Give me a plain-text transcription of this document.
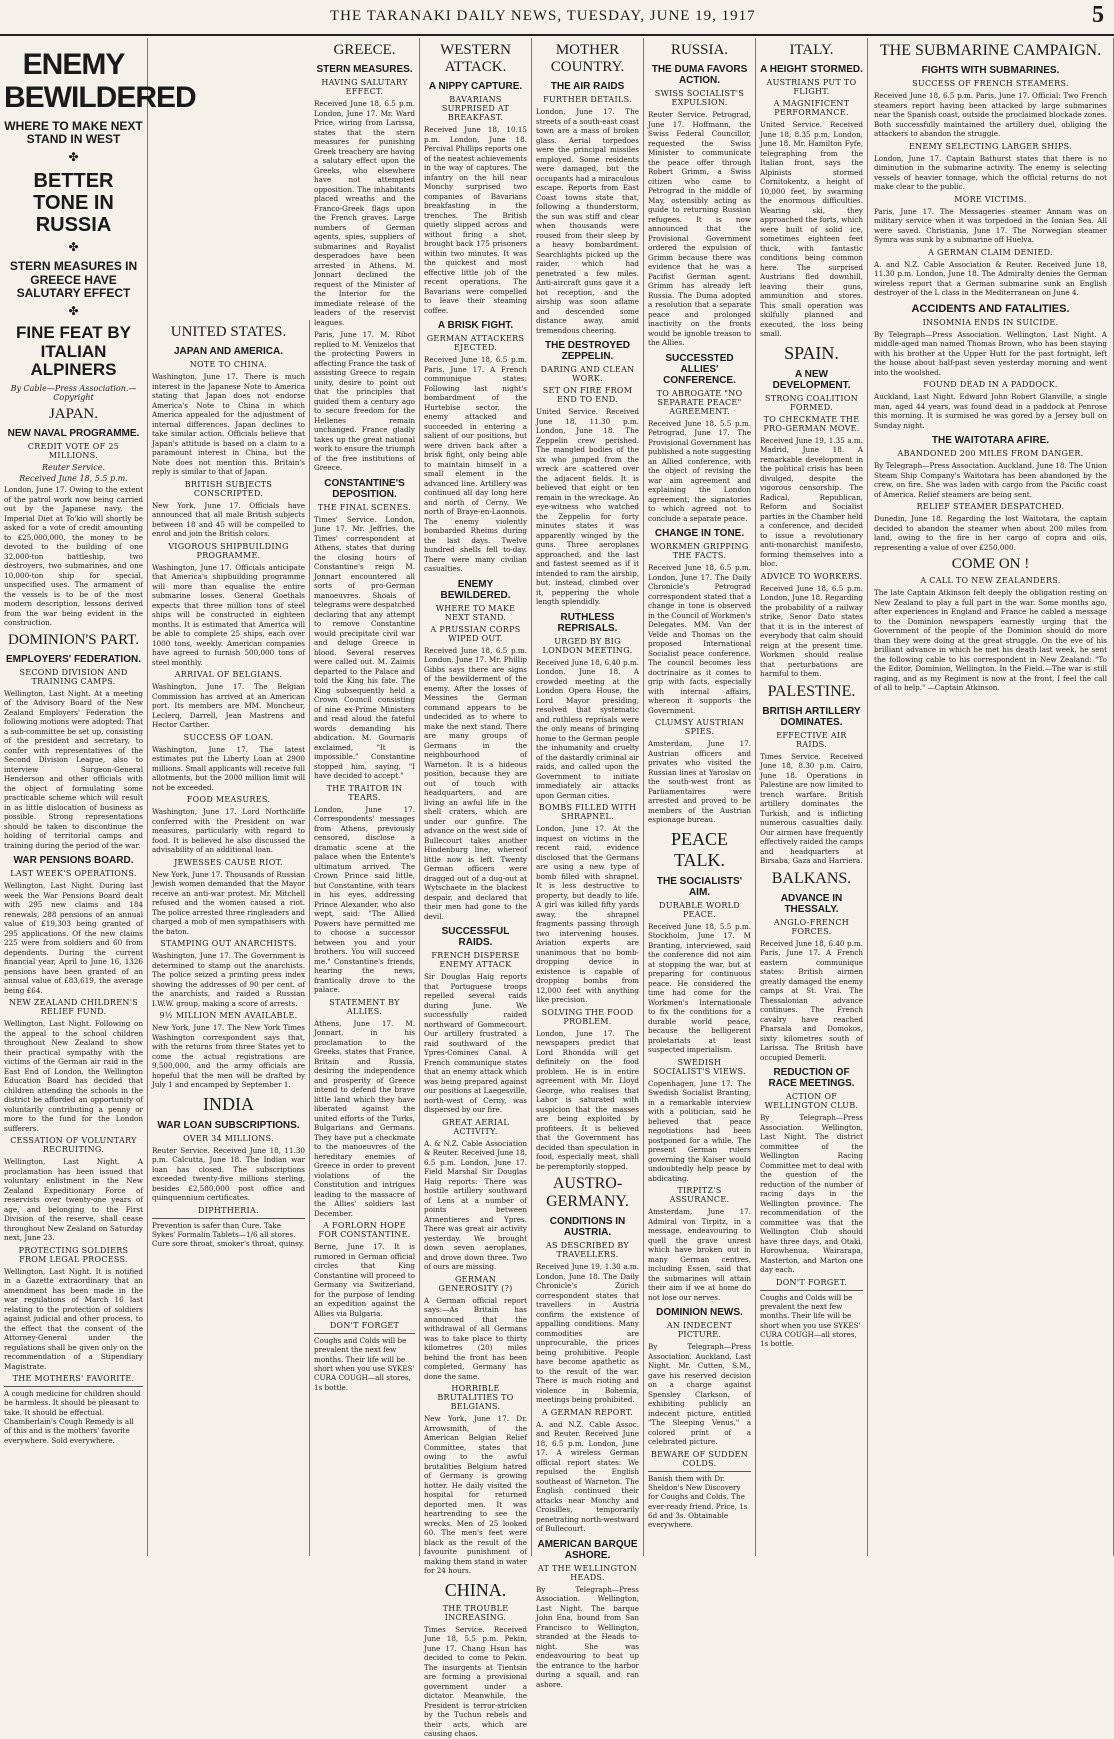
THE TARANAKI DAILY NEWS, TUESDAY, JUNE 19, 1917	5
ENEMY BEWILDERED
WHERE TO MAKE NEXT STAND IN WEST
✤
BETTER TONE IN RUSSIA
✤
STERN MEASURES IN GREECE HAVE SALUTARY EFFECT
✤
FINE FEAT BY ITALIAN ALPINERS
By Cable—Press Association.—Copyright
JAPAN.
NEW NAVAL PROGRAMME.
CREDIT VOTE OF 25 MILLIONS.
Reuter Service.
Received June 18, 5.5 p.m.
London, June 17. Owing to the extent of the patrol work now being carried out by the Japanese navy, the Imperial Diet at To'kio will shortly be asked for a vote of credit amounting to £25,000,000, the money to be devoted to the building of one 32,000-ton battleship, two destroyers, two submarines, and one 10,000-ton ship for special, unspecified uses. The armament of the vessels is to be of the most modern description, lessons derived from the war being evident in the construction.
DOMINION'S PART.
EMPLOYERS' FEDERATION.
SECOND DIVISION AND TRAINING CAMPS.
Wellington, Last Night. At a meeting of the Advisory Board of the New Zealand Employers' Federation the following motions were adopted: That a sub-committee be set up, consisting of the president and secretary, to confer with representatives of the Second Division League, also to interview Surgeon-General Henderson and other officials with the object of formulating some practicable scheme which will result in as little dislocation of business as possible. Strong representations should be taken to discontinue the holding of territorial camps and training during the period of the war.
WAR PENSIONS BOARD.
LAST WEEK'S OPERATIONS.
Wellington, Last Night. During last week the War Pensions Board dealt with 295 new claims and 184 renewals, 288 pensions of an annual value of £19,303 being granted of 295 applications. Of the new claims 225 were from soldiers and 60 from dependents. During the current financial year, April to June 16, 1326 pensions have been granted of an annual value of £83,619, the average being £64.
NEW ZEALAND CHILDREN'S RELIEF FUND.
Wellington, Last Night. Following on the appeal to the school children throughout New Zealand to show their practical sympathy with the victims of the German air raid in the East End of London, the Wellington Education Board has decided that children attending the schools in the district be afforded an opportunity of voluntarily contributing a penny or more to the fund for the London sufferers.
CESSATION OF VOLUNTARY RECRUITING.
Wellington, Last Night. A proclamation has been issued that voluntary enlistment in the New Zealand Expeditionary Force of reservists over twenty-one years of age, and belonging to the First Division of the reserve, shall cease throughout New Zealand on Saturday next, June 23.
PROTECTING SOLDIERS FROM LEGAL PROCESS.
Wellington, Last Night. It is notified in a Gazette extraordinary that an amendment has been made in the war regulations of March 16 last relating to the protection of soldiers against judicial and other process, to the effect that the consent of the Attorney-General under the regulations shall be given only on the recommendation of a Stipendiary Magistrate.
THE MOTHERS' FAVORITE.
A cough medicine for children should be harmless. It should be pleasant to take. It should be effectual. Chamberlain's Cough Remedy is all of this and is the mothers' favorite everywhere. Sold everywhere.
UNITED STATES.
JAPAN AND AMERICA.
NOTE TO CHINA.
Washington, June 17. There is much interest in the Japanese Note to America stating that Japan does not endorse America's Note to China in which America appealed for the adjustment of internal differences. Japan declines to take similar action. Officials believe that Japan's attitude is based on a claim to a paramount interest in China, but the Note does not mention this. Britain's reply is similar to that of Japan.
BRITISH SUBJECTS CONSCRIPTED.
New York, June 17. Officials have announced that all male British subjects between 18 and 45 will be compelled to enrol and join the British colors.
VIGOROUS SHIPBUILDING PROGRAMME.
Washington, June 17. Officials anticipate that America's shipbuilding programme will more than equalise the entire submarine losses. General Goethals expects that three million tons of steel ships will be constructed in eighteen months. It is estimated that America will be able to complete 25 ships, each over 1000 tons, weekly. American companies have agreed to furnish 500,000 tons of steel monthly.
ARRIVAL OF BELGIANS.
Washington, June 17. The Belgian Commission has arrived at an American port. Its members are MM. Moncheur, Leclerq, Darrell, Jean Mastrens and Hector Carther.
SUCCESS OF LOAN.
Washington, June 17. The latest estimates put the Liberty Loan at 2900 millions. Small applicants will receive full allotments, but the 2000 million limit will not be exceeded.
FOOD MEASURES.
Washington, June 17. Lord Northcliffe conferred with the President on war measures, particularly with regard to food. It is believed he also discussed the advisability of an additional loan.
JEWESSES CAUSE RIOT.
New York, June 17. Thousands of Russian Jewish women demanded that the Mayor receive an anti-war protest. Mr. Mitchell refused and the women caused a riot. The police arrested three ringleaders and charged a mob of men sympathisers with the baton.
STAMPING OUT ANARCHISTS.
Washington, June 17. The Government is determined to stamp out the anarchists. The police seized a printing press index showing the addresses of 90 per cent. of the anarchists, and raided a Russian I.W.W. group, making a score of arrests.
9½ MILLION MEN AVAILABLE.
New York, June 17. The New York Times Washington correspondent says that, with the returns from three States yet to come the actual registrations are 9,500,000, and the army officials are hopeful that the men will be drafted by July 1 and encamped by September 1.
INDIA
WAR LOAN SUBSCRIPTIONS.
OVER 34 MILLIONS.
Reuter Service. Received June 18, 11.30 p.m. Calcutta, June 18. The Indian war loan has closed. The subscriptions exceeded twenty-five millions sterling, besides £2,580,000 post office and quinquennium certificates.
DIPHTHERIA.
Prevention is safer than Cure. Take Sykes' Formalin Tablets—1/6 all stores. Cure sore throat, smoker's throat, quinsy.
GREECE.
STERN MEASURES.
HAVING SALUTARY EFFECT.
Received June 18, 6.5 p.m. London, June 17. Mr. Ward Price, wiring from Larissa, states that the stern measures for punishing Greek treachery are having a salutary effect upon the Greeks, who elsewhere have not attempted opposition. The inhabitants placed wreaths and the Franco-Greek flags upon the French graves. Large numbers of German agents, spies, suppliers of submarines and Royalist desperadoes have been arrested in Athens. M. Jonnart declined the request of the Minister of the Interior for the immediate release of the leaders of the reservist leagues.
Paris, June 17. M. Ribot replied to M. Venizelos that the protecting Powers in affecting France the task of assisting Greece to regain unity, desire to point out that the principles that guided them a century ago to secure freedom for the Hellenes remain unchanged. France gladly takes up the great national work to ensure the triumph of the free institutions of Greece.
CONSTANTINE'S DEPOSITION.
THE FINAL SCENES.
Times' Service. London, June 17. Mr. Jeffries, the Times' correspondent at Athens, states that during the closing hours of Constantine's reign M. Jonnart encountered all sorts of pro-German manoeuvres. Shoals of telegrams were despatched declaring that any attempt to remove Constantine would precipitate civil war and deluge Greece in blood. Several reserves were called out. M. Zaimis departed to the Palace and told the King his fate. The King subsequently held a Crown Council consisting of nine ex-Prime Ministers and read aloud the fateful words demanding his abdication. M. Gournaris exclaimed, "It is impossible." Constantine stopped him, saying, "I have decided to accept."
THE TRAITOR IN TEARS.
London, June 17. Correspondents' messages from Athens, previously censored, disclose a dramatic scene at the palace when the Entente's ultimatum arrived. The Crown Prince said little, but Constantine, with tears in his eyes, addressing Prince Alexander, who also wept, said: "The Allied Powers have permitted me to choose a successor between you and your brothers. You will succeed me." Constantine's friends, hearing the news, frantically drove to the palace.
STATEMENT BY ALLIES.
Athens, June 17. M. Jonnart, in his proclamation to the Greeks, states that France, Britain and Russia, desiring the independence and prosperity of Greece intend to defend the brave little land which they have liberated against the united efforts of the Turks, Bulgarians and Germans. They have put a checkmate to the manoeuvres of the hereditary enemies of Greece in order to prevent violations of the Constitution and intrigues leading to the massacre of the Allies' soldiers last December.
A FORLORN HOPE FOR CONSTANTINE.
Berne, June 17. It is rumored in German official circles that King Constantine will proceed to Germany via Switzerland, for the purpose of lending an expedition against the Allies via Bulgaria.
DON'T FORGET
Coughs and Colds will be prevalent the next few months. Their life will be short when you use SYKES' CURA COUGH—all stores, 1s bottle.
WESTERN ATTACK.
A NIPPY CAPTURE.
BAVARIANS SURPRISED AT BREAKFAST.
Received June 18, 10.15 p.m. London, June 18. Percival Phillips reports one of the neatest achievements in the way of captures. The infantry on the hill near Monchy surprised two companies of Bavarians breakfasting in the trenches. The British quietly slipped across and without firing a shot, brought back 175 prisoners within two minutes. It was the quickest and most effective little job of the recent operations. The Bavarians were compelled to leave their steaming coffee.
A BRISK FIGHT.
GERMAN ATTACKERS EJECTED.
Received June 18, 6.5 p.m. Paris, June 17. A French communique states: Following last night's bombardment of the Hurtebise sector, the enemy attacked and succeeded in entering a salient of our positions, but were driven back after a brisk fight, only being able to maintain himself in a small element in the advanced line. Artillery was continued all day long here and north of Cerny. We north of Braye-en-Laonnois. The enemy violently bombarded Rheims during the last days. Twelve hundred shells fell to-day. There were many civilian casualties.
ENEMY BEWILDERED.
WHERE TO MAKE NEXT STAND.
A PRUSSIAN CORPS WIPED OUT.
Received June 18, 6.5 p.m. London, June 17. Mr. Phillip Gibbs says there are signs of the bewilderment of the enemy. After the losses of Messines the German command appears to be undecided as to where to make the next stand. There are many groups of Germans in the neighbourhood of Warneton. It is a hideous position, because they are out of touch with headquarters, and are living an awful life in the shell craters, which are under our gunfire. The advance on the west side of Bullecourt takes another Hindenburg line, whereof little now is left. Twenty German officers were dragged out of a dug-out at Wytschaete in the blackest despair, and declared that their men had gone to the devil.
SUCCESSFUL RAIDS.
FRENCH DISPERSE ENEMY ATTACK
Sir Douglas Haig reports that Portuguese troops repelled several raids during June. We successfully raided northward of Gommecourt. Our artillery frustrated a raid southward of the Ypres-Comines Canal. A French communique states that an enemy attack which was being prepared against our positions at Laegesville, north-west of Cerny, was dispersed by our fire.
GREAT AERIAL ACTIVITY.
A. & N.Z. Cable Association & Reuter. Received June 18, 6.5 p.m. London, June 17. Field Marshal Sir Douglas Haig reports: There was hostile artillery southward of Lens at a number of points between Armentieres and Ypres. There was great air activity yesterday. We brought down seven aeroplanes, and drove down three. Two of ours are missing.
GERMAN GENEROSITY (?)
A German official report says:—As Britain has announced that the withdrawal of all Germans was to take place to thirty kilometres (20) miles behind the front has been completed, Germany has done the same.
HORRIBLE BRUTALITIES TO BELGIANS.
New York, June 17. Dr. Arrowsmith, of the American Belgian Relief Committee, states that owing to the awful brutalities Belgium hatred of Germany is growing hotter. He daily visited the hospital for returned deported men. It was heartrending to see the wrecks. Men of 25 looked 60. The men's feet were black as the result of the favourite punishment of making them stand in water for 24 hours.
CHINA.
THE TROUBLE INCREASING.
Times Service. Received June 18, 5.5 p.m. Pekin, June 17. Chang Hsun has decided to come to Pekin. The insurgents at Tientsin are forming a provisional government under a dictator. Meanwhile, the President is terror-stricken by the Tuchun rebels and their acts, which are causing chaos.
MOTHER COUNTRY.
THE AIR RAIDS
FURTHER DETAILS.
London, June 17. The streets of a south-east coast town are a mass of broken glass. Aerial torpedoes were the principal missiles employed. Some residents were damaged, but the occupants had a miraculous escape. Reports from East Coast towns state that, following a thunderstorm, the sun was stiff and clear when thousands were roused from their sleep by a heavy bombardment. Searchlights picked up the raider, which had penetrated a few miles. Anti-aircraft guns gave it a hot reception, and the airship was soon aflame and descended some distance away, amid tremendous cheering.
THE DESTROYED ZEPPELIN.
DARING AND CLEAN WORK.
SET ON FIRE FROM END TO END.
United Service. Received June 18, 11.30 p.m. London, June 18. The Zeppelin crew perished. The mangled bodies of the six who jumped from the wreck are scattered over the adjacent fields. It is believed that eight or ten remain in the wreckage. An eye-witness who watched the Zeppelin for forty minutes states it was apparently winged by the guns. Three aeroplanes approached, and the last and fastest seemed as if it intended to ram the airship, but, instead, climbed over it, peppering the whole length splendidly.
RUTHLESS REPRISALS.
URGED BY BIG LONDON MEETING.
Received June 18, 6.40 p.m. London, June 18. A crowded meeting at the London Opera House, the Lord Mayor presiding, resolved that systematic and ruthless reprisals were the only means of bringing home to the German people the inhumanity and cruelty of the dastardly criminal air raids, and called upon the Government to initiate immediately air attacks upon German cities.
BOMBS FILLED WITH SHRAPNEL.
London, June 17. At the inquest on victims in the recent raid, evidence disclosed that the Germans are using a new type of bomb filled with shrapnel. It is less destructive to property, but deadly to life. A girl was killed fifty yards away, the shrapnel fragments passing through two intervening houses. Aviation experts are unanimous that no bomb-dropping device in existence is capable of dropping bombs from 12,000 feet with anything like precision.
SOLVING THE FOOD PROBLEM.
London, June 17. The newspapers predict that Lord Rhondda will get definitely on the food problem. He is in entire agreement with Mr. Lloyd George, who realises that Labor is saturated with suspicion that the masses are being exploited by profiteers. It is believed that the Government has decided than speculation in food, especially meat, shall be peremptorily stopped.
AUSTRO-GERMANY.
CONDITIONS IN AUSTRIA.
AS DESCRIBED BY TRAVELLERS.
Received June 19, 1.30 a.m. London, June 18. The Daily Chronicle's Zurich correspondent states that travellers in Austria confirm the existence of appalling conditions. Many commodities are unprocurable, the prices being prohibitive. People have become apathetic as to the result of the war. There is much rioting and violence in Bohemia, meetings being prohibited.
A GERMAN REPORT.
A. and N.Z. Cable Assoc. and Reuter. Received June 18, 6.5 p.m. London, June 17. A wireless German official report states: We repulsed the English southeast of Warneton. The English continued their attacks near Monchy and Croisilles, temporarily penetrating north-westward of Bullecourt.
AMERICAN BARQUE ASHORE.
AT THE WELLINGTON HEADS.
By Telegraph—Press Association. Wellington, Last Night. The barque John Ena, bound from San Francisco to Wellington, stranded at the Heads to-night. She was endeavouring to beat up the entrance to the harbor during a squall, and ran ashore.
RUSSIA.
THE DUMA FAVORS ACTION.
SWISS SOCIALIST'S EXPULSION.
Reuter Service. Petrograd, June 17. Hoffmann, the Swiss Federal Councillor, requested the Swiss Minister to communicate the peace offer through Robert Grimm, a Swiss citizen who came to Petrograd in the middle of May, ostensibly acting as guide to returning Russian refugees. It is now announced that the Provisional Government ordered the expulsion of Grimm because there was evidence that he was a Pacifist German agent. Grimm has already left Russia. The Duma adopted a resolution that a separate peace and prolonged inactivity on the fronts would be ignoble treason to the Allies.
SUCCESSTED ALLIES' CONFERENCE.
TO ABROGATE "NO SEPARATE PEACE" AGREEMENT.
Received June 18, 5.5 p.m. Petrograd, June 17. The Provisional Government has published a note suggesting an Allied conference, with the object of revising the war aim agreement and explaining the London agreement, the signatories to which agreed not to conclude a separate peace.
CHANGE IN TONE.
WORKMEN GRIPPING THE FACTS.
Received June 18, 6.5 p.m. London, June 17. The Daily Chronicle's Petrograd correspondent stated that a change in tone is observed in the Council of Workmen's Delegates. MM. Van der Velde and Thomas on the proposed International Socialist peace conference. The council becomes less doctrinaire as it comes to grip with facts, especially with internal affairs, whereon it supports the Government.
CLUMSY AUSTRIAN SPIES.
Amsterdam, June 17. Austrian officers and privates who visited the Russian lines at Yaroslav on the south-west front as Parliamentaires were arrested and proved to be members of the Austrian espionage bureau.
PEACE TALK.
THE SOCIALISTS' AIM.
DURABLE WORLD PEACE.
Received June 18, 5.5 p.m. Stockholm, June 17. M Branting, interviewed, said the conference did not aim at stopping the war, but at preparing for continuous peace. He considered the time had come for the Workmen's Internationale to fix the conditions for a durable world peace, because the belligerent proletariats at least suspected imperialism.
SWEDISH SOCIALIST'S VIEWS.
Copenhagen, June 17. The Swedish Socialist Branting, in a remarkable interview with a politician, said he believed that peace negotiations had been postponed for a while. The present German rulers governing the Kaiser would undoubtedly help peace by abdicating.
TIRPITZ'S ASSURANCE.
Amsterdam, June 17. Admiral von Tirpitz, in a message, endeavouring to quell the grave unrest which have broken out in many German centres, including Essen, said that the submarines will attain their aim if we at home do not lose our nerves.
DOMINION NEWS.
AN INDECENT PICTURE.
By Telegraph—Press Association. Auckland, Last Night. Mr. Cutten, S.M., gave his reserved decision on a charge against Spensley Clarkson, of exhibiting publicly an indecent picture, entitled "The Sleeping Venus," a colored print of a celebrated picture.
BEWARE OF SUDDEN COLDS.
Banish them with Dr. Sheldon's New Discovery for Coughs and Colds. The ever-ready friend. Price, 1s 6d and 3s. Obtainable everywhere.
ITALY.
A HEIGHT STORMED.
AUSTRIANS PUT TO FLIGHT.
A MAGNIFICENT PERFORMANCE.
United Service. Received June 18, 8.35 p.m. London, June 18. Mr. Hamilton Fyfe, telegraphing from the Italian front, says the Alpinists stormed Cornitokentz, a height of 10,000 feet, by swarming the enormous difficulties. Wearing ski, they approached the forts, which were built of solid ice, sometimes eighteen feet thick, with fantastic conditions being common here. The surprised Austrians fled downhill, leaving their guns, ammunition and stores. This small operation was skilfully planned and executed, the loss being small.
SPAIN.
A NEW DEVELOPMENT.
STRONG COALITION FORMED.
TO CHECKMATE THE PRO-GERMAN MOVE.
Received June 19, 1.35 a.m. Madrid, June 18. A remarkable development in the political crisis has been divulged, despite the vigorous censorship. The Radical, Republican, Reform and Socialist parties in the Chamber held a conference, and decided to issue a revolutionary anti-monarchist manifesto, forming themselves into a bloc.
ADVICE TO WORKERS.
Received June 18, 6.5 p.m. London, June 18. Regarding the probability of a railway strike, Senor Dato states that it is in the interest of everybody that calm should reign at the present time. Workmen should realise that perturbations are harmful to them.
PALESTINE.
BRITISH ARTILLERY DOMINATES.
EFFECTIVE AIR RAIDS.
Times Service. Received June 18, 8.30 p.m. Cairo, June 18. Operations in Palestine are now limited to trench warfare. British artillery dominates the Turkish, and is inflicting numerous casualties daily. Our airmen have frequently effectively raided the camps and headquarters at Birsaba, Gaza and Harriera.
BALKANS.
ADVANCE IN THESSALY.
ANGLO-FRENCH FORCES.
Received June 18, 6.40 p.m. Paris, June 17. A French eastern communique states: British airmen greatly damaged the enemy camps at St. Vrai. The Thessalonian advance continues. The French cavalry have reached Pharsala and Domokos, sixty kilometres south of Larissa. The British have occupied Demerli.
REDUCTION OF RACE MEETINGS.
ACTION OF WELLINGTON CLUB.
By Telegraph—Press Association. Wellington, Last Night. The district committee of the Wellington Racing Committee met to deal with the question of the reduction of the number of racing days in the Wellington province. The recommendation of the committee was that the Wellington Club should have three days, and Otaki, Horowhenua, Wairarapa, Masterton, and Marton one day each.
DON'T FORGET.
Coughs and Colds will be prevalent the next few months. Their life will be short when you use SYKES' CURA COUGH—all stores, 1s bottle.
THE SUBMARINE CAMPAIGN.
FIGHTS WITH SUBMARINES.
SUCCESS OF FRENCH STEAMERS.
Received June 18, 6.5 p.m. Paris, June 17. Official: Two French steamers report having been attacked by large submarines near the Spanish coast, outside the proclaimed blockade zones. Both successfully maintained the artillery duel, obliging the attackers to abandon the struggle.
ENEMY SELECTING LARGER SHIPS.
London, June 17. Captain Bathurst states that there is no diminution in the submarine activity. The enemy is selecting vessels of heavier tonnage, which the official returns do not make clear to the public.
MORE VICTIMS.
Paris, June 17. The Messageries steamer Annam was on military service when it was torpedoed in the Ionian Sea. All were saved. Christiania, June 17. The Norwegian steamer Symra was sunk by a submarine off Huelva.
A GERMAN CLAIM DENIED.
A. and N.Z. Cable Association & Reuter. Received June 18, 11.30 p.m. London, June 18. The Admiralty denies the German wireless report that a German submarine sunk an English destroyer of the L class in the Mediterranean on June 4.
ACCIDENTS AND FATALITIES.
INSOMNIA ENDS IN SUICIDE.
By Telegraph—Press Association. Wellington, Last Night. A middle-aged man named Thomas Brown, who has been staying with his brother at the Upper Hutt for the past fortnight, left the house about half-past seven yesterday morning and went into the woolshed.
FOUND DEAD IN A PADDOCK.
Auckland, Last Night. Edward John Robert Glanville, a single man, aged 44 years, was found dead in a paddock at Penrose this morning. It is surmised he was gored by a Jersey bull on Sunday night.
THE WAITOTARA AFIRE.
ABANDONED 200 MILES FROM DANGER.
By Telegraph—Press Association. Auckland, June 18. The Union Steam Ship Company's Waitotara has been abandoned by the crew, on fire. She was laden with cargo from the Pacific coast of America. Relief steamers are being sent.
RELIEF STEAMER DESPATCHED.
Dunedin, June 18. Regarding the lost Waitotara, the captain decided to abandon the steamer when about 200 miles from land, owing to the fire in her cargo of copra and oils, representing a value of over £250,000.
COME ON !
A CALL TO NEW ZEALANDERS.
The late Captain Atkinson felt deeply the obligation resting on New Zealand to play a full part in the war. Some months ago, after experiences in England and France he cabled a message to the Dominion newspapers earnestly urging that the Government of the people of the Dominion should do more than they were doing at the great struggle. On the eve of his brilliant advance in which he met his death last week, he sent the following cable to his correspondent in New Zealand: "To the Editor, Dominion, Wellington. In the Field.—The war is still raging, and as my Regiment is now at the front, I feel the call of all to help." —Captain Atkinson.
